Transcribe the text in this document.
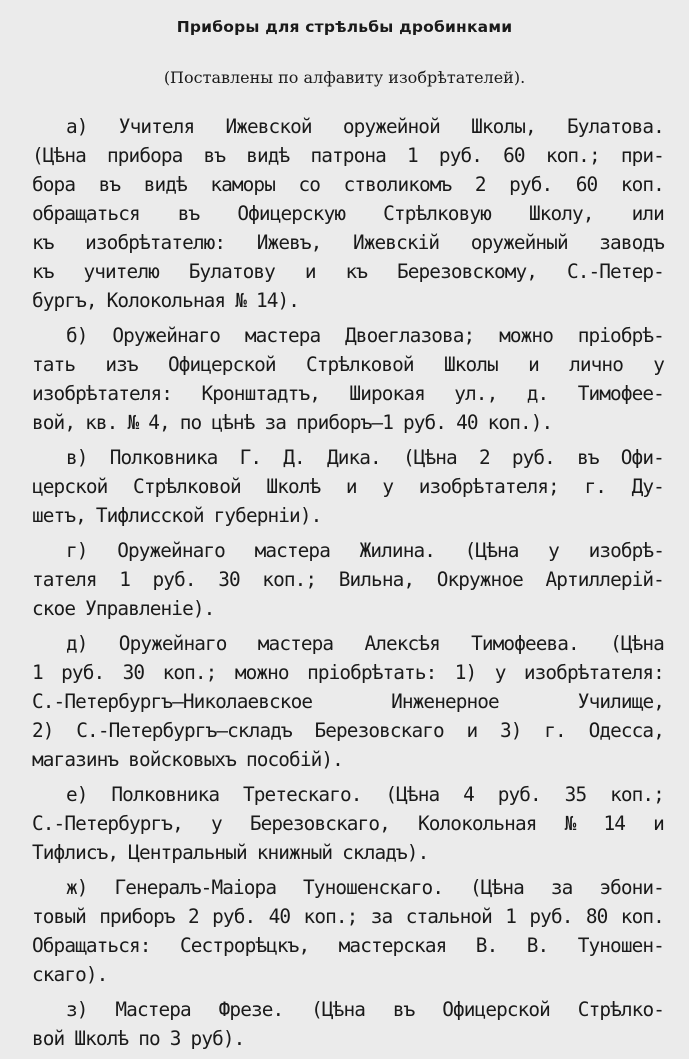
Приборы для стрѣльбы дробинками
(Поставлены по алфавиту изобрѣтателей).
а) Учителя Ижевской оружейной Школы, Булатова.
(Цѣна прибора въ видѣ патрона 1 руб. 60 коп.; при-
бора въ видѣ каморы со стволикомъ 2 руб. 60 коп.
обращаться въ Офицерскую Стрѣлковую Школу, или
къ изобрѣтателю: Ижевъ, Ижевскій оружейный заводъ
къ учителю Булатову и къ Березовскому, С.-Петер-
бургъ, Колокольная № 14).
б) Оружейнаго мастера Двоеглазова; можно пріобрѣ-
тать изъ Офицерской Стрѣлковой Школы и лично у
изобрѣтателя: Кронштадтъ, Широкая ул., д. Тимофее-
вой, кв. № 4, по цѣнѣ за приборъ—1 руб. 40 коп.).
в) Полковника Г. Д. Дика. (Цѣна 2 руб. въ Офи-
церской Стрѣлковой Школѣ и у изобрѣтателя; г. Ду-
шетъ, Тифлисской губерніи).
г) Оружейнаго мастера Жилина. (Цѣна у изобрѣ-
тателя 1 руб. 30 коп.; Вильна, Окружное Артиллерій-
ское Управленіе).
д) Оружейнаго мастера Алексѣя Тимофеева. (Цѣна
1 руб. 30 коп.; можно пріобрѣтать: 1) у изобрѣтателя:
С.-Петербургъ—Николаевское	Инженерное	Училище,
2) С.-Петербургъ—складъ Березовскаго и 3) г. Одесса,
магазинъ войсковыхъ пособій).
е) Полковника Третескаго. (Цѣна 4 руб. 35 коп.;
С.-Петербургъ, у Березовскаго, Колокольная № 14 и
Тифлисъ, Центральный книжный складъ).
ж) Генералъ-Маіора Туношенскаго. (Цѣна за эбони-
товый приборъ 2 руб. 40 коп.; за стальной 1 руб. 80 коп.
Обращаться: Сестрорѣцкъ, мастерская В. В. Туношен-
скаго).
з) Мастера Фрезе. (Цѣна въ Офицерской Стрѣлко-
вой Школѣ по 3 руб).
